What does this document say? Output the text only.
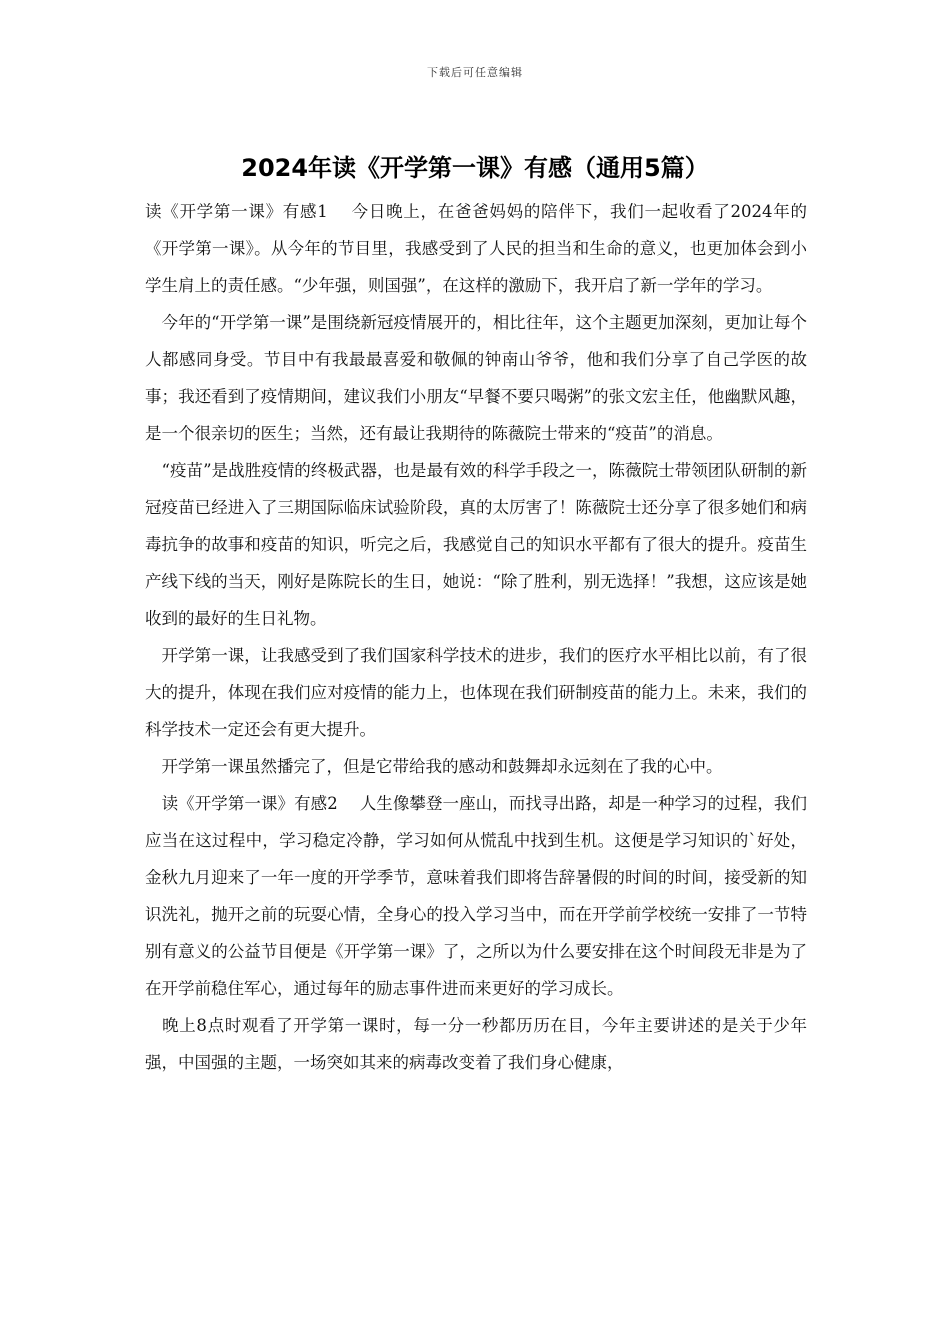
下载后可任意编辑
2024年读《开学第一课》有感（通用5篇）

读《开学第一课》有感1　 今日晚上，在爸爸妈妈的陪伴下，我们一起收看了2024年的《开学第一课》。从今年的节目里，我感受到了人民的担当和生命的意义，也更加体会到小学生肩上的责任感。“少年强，则国强”，在这样的激励下，我开启了新一学年的学习。

　今年的“开学第一课”是围绕新冠疫情展开的，相比往年，这个主题更加深刻，更加让每个人都感同身受。节目中有我最最喜爱和敬佩的钟南山爷爷，他和我们分享了自己学医的故事；我还看到了疫情期间，建议我们小朋友“早餐不要只喝粥”的张文宏主任，他幽默风趣，是一个很亲切的医生；当然，还有最让我期待的陈薇院士带来的“疫苗”的消息。

　“疫苗”是战胜疫情的终极武器，也是最有效的科学手段之一，陈薇院士带领团队研制的新冠疫苗已经进入了三期国际临床试验阶段，真的太厉害了！陈薇院士还分享了很多她们和病毒抗争的故事和疫苗的知识，听完之后，我感觉自己的知识水平都有了很大的提升。疫苗生产线下线的当天，刚好是陈院长的生日，她说：“除了胜利，别无选择！”我想，这应该是她收到的最好的生日礼物。

　开学第一课，让我感受到了我们国家科学技术的进步，我们的医疗水平相比以前，有了很大的提升，体现在我们应对疫情的能力上，也体现在我们研制疫苗的能力上。未来，我们的科学技术一定还会有更大提升。

　开学第一课虽然播完了，但是它带给我的感动和鼓舞却永远刻在了我的心中。

　读《开学第一课》有感2　 人生像攀登一座山，而找寻出路，却是一种学习的过程，我们应当在这过程中，学习稳定冷静，学习如何从慌乱中找到生机。这便是学习知识的`好处，金秋九月迎来了一年一度的开学季节，意味着我们即将告辞暑假的时间的时间，接受新的知识洗礼，抛开之前的玩耍心情，全身心的投入学习当中，而在开学前学校统一安排了一节特别有意义的公益节目便是《开学第一课》了，之所以为什么要安排在这个时间段无非是为了在开学前稳住军心，通过每年的励志事件进而来更好的学习成长。

　晚上8点时观看了开学第一课时，每一分一秒都历历在目，今年主要讲述的是关于少年强，中国强的主题，一场突如其来的病毒改变着了我们身心健康，
